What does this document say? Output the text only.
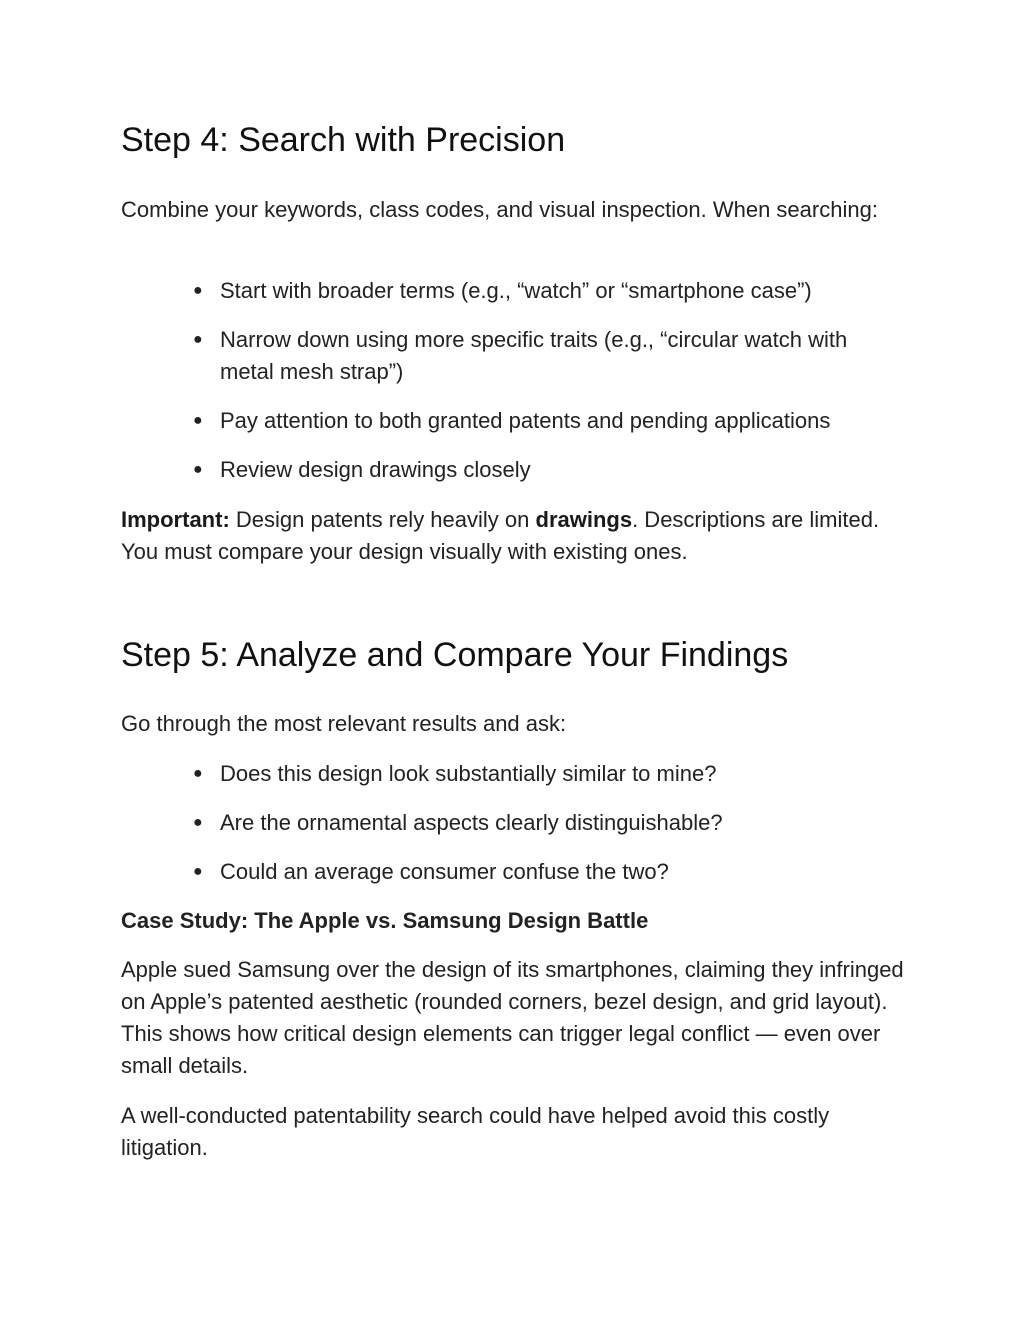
Step 4: Search with Precision

Combine your keywords, class codes, and visual inspection. When searching:

● Start with broader terms (e.g., “watch” or “smartphone case”)
● Narrow down using more specific traits (e.g., “circular watch with metal mesh strap”)
● Pay attention to both granted patents and pending applications
● Review design drawings closely

Important: Design patents rely heavily on drawings. Descriptions are limited. You must compare your design visually with existing ones.

Step 5: Analyze and Compare Your Findings

Go through the most relevant results and ask:

● Does this design look substantially similar to mine?
● Are the ornamental aspects clearly distinguishable?
● Could an average consumer confuse the two?

Case Study: The Apple vs. Samsung Design Battle

Apple sued Samsung over the design of its smartphones, claiming they infringed on Apple’s patented aesthetic (rounded corners, bezel design, and grid layout). This shows how critical design elements can trigger legal conflict — even over small details.

A well-conducted patentability search could have helped avoid this costly litigation.
